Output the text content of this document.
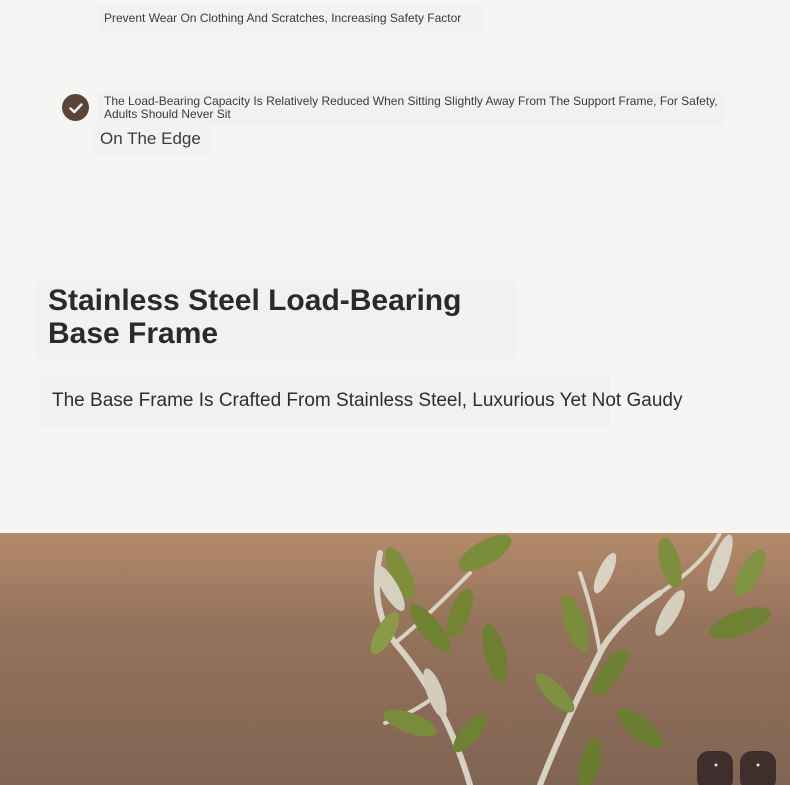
Prevent Wear On Clothing And Scratches, Increasing Safety Factor
The Load-Bearing Capacity Is Relatively Reduced When Sitting Slightly Away From The Support Frame, For Safety, Adults Should Never Sit
On The Edge
Stainless Steel Load-Bearing Base Frame
The Base Frame Is Crafted From Stainless Steel, Luxurious Yet Not Gaudy
